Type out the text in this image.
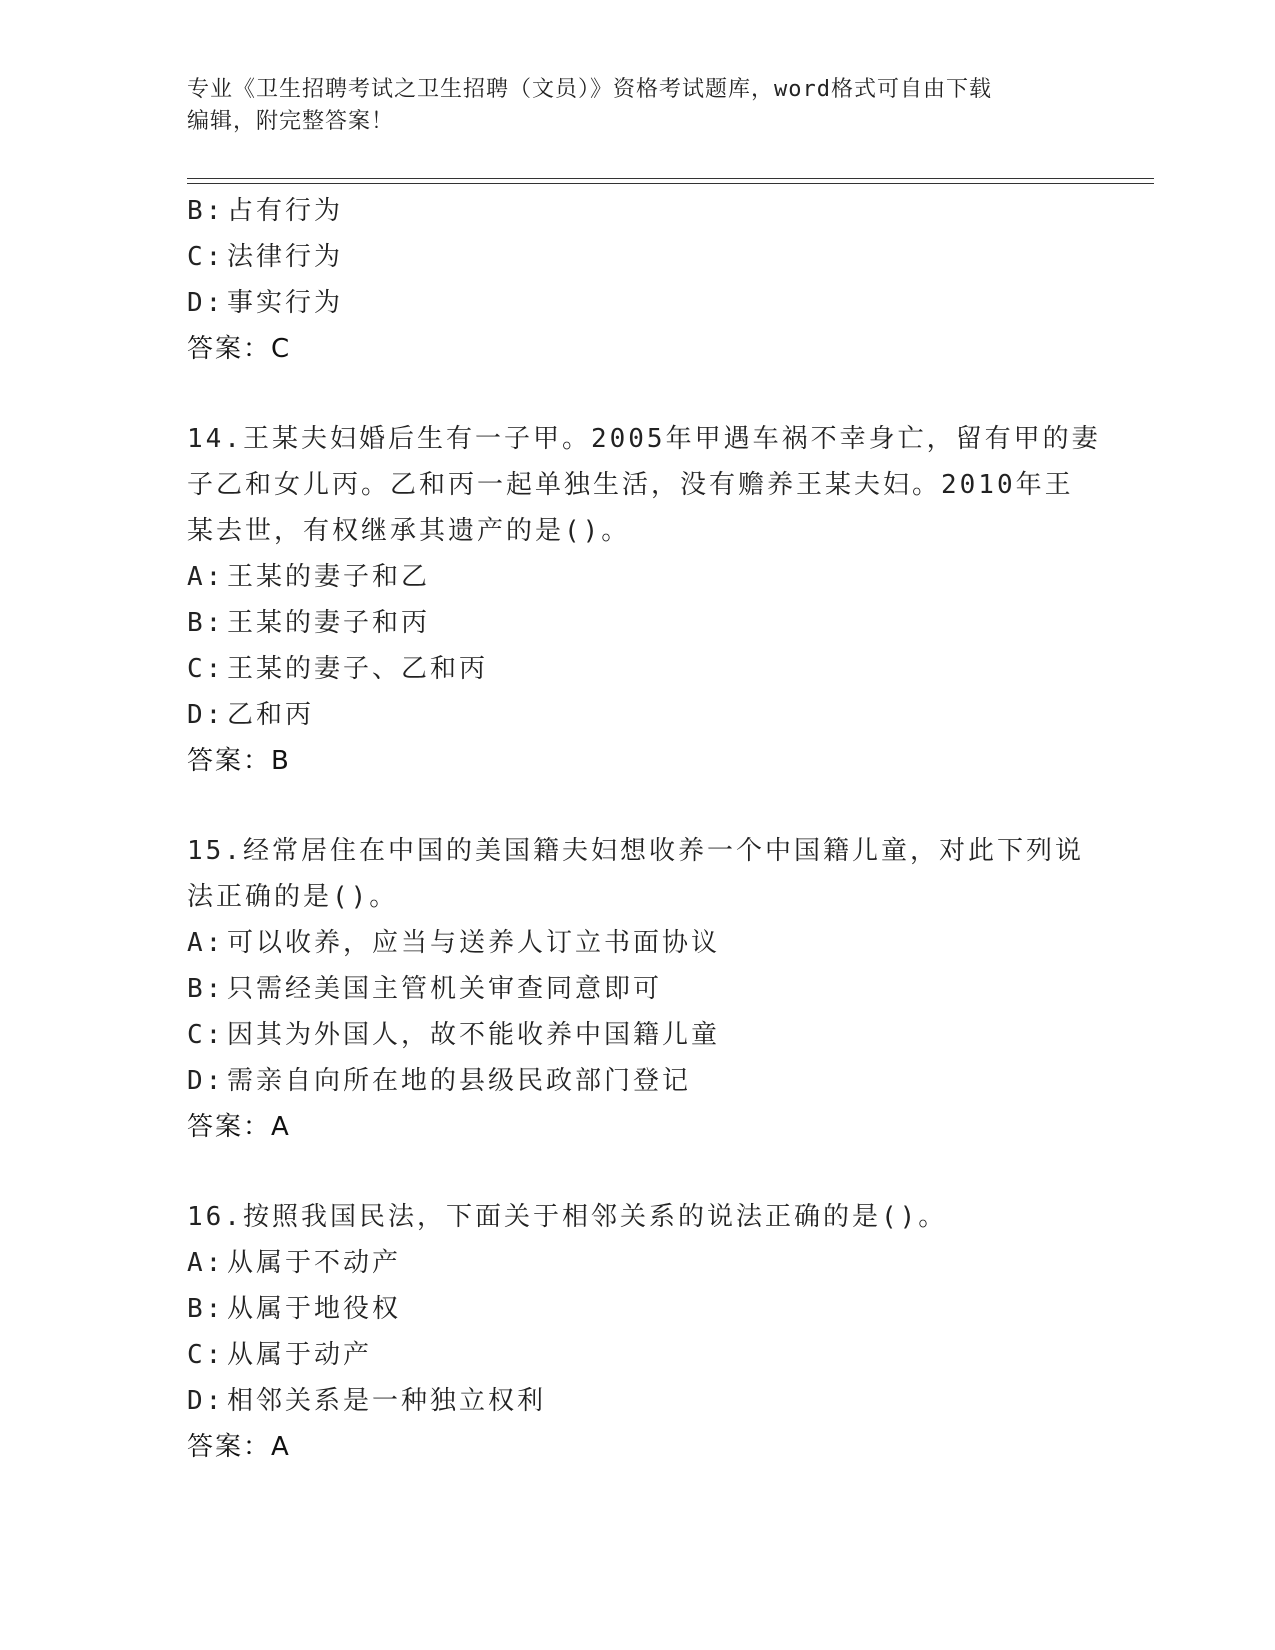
专业《卫生招聘考试之卫生招聘（文员）》资格考试题库，word格式可自由下载
编辑，附完整答案！
B: 占有行为
C: 法律行为
D: 事实行为
答案：C
14.王某夫妇婚后生有一子甲。2005年甲遇车祸不幸身亡，留有甲的妻
子乙和女儿丙。乙和丙一起单独生活，没有赡养王某夫妇。2010年王
某去世，有权继承其遗产的是()。
A: 王某的妻子和乙
B: 王某的妻子和丙
C: 王某的妻子、乙和丙
D: 乙和丙
答案：B
15.经常居住在中国的美国籍夫妇想收养一个中国籍儿童，对此下列说
法正确的是()。
A: 可以收养，应当与送养人订立书面协议
B: 只需经美国主管机关审查同意即可
C: 因其为外国人，故不能收养中国籍儿童
D: 需亲自向所在地的县级民政部门登记
答案：A
16.按照我国民法，下面关于相邻关系的说法正确的是()。
A: 从属于不动产
B: 从属于地役权
C: 从属于动产
D: 相邻关系是一种独立权利
答案：A
